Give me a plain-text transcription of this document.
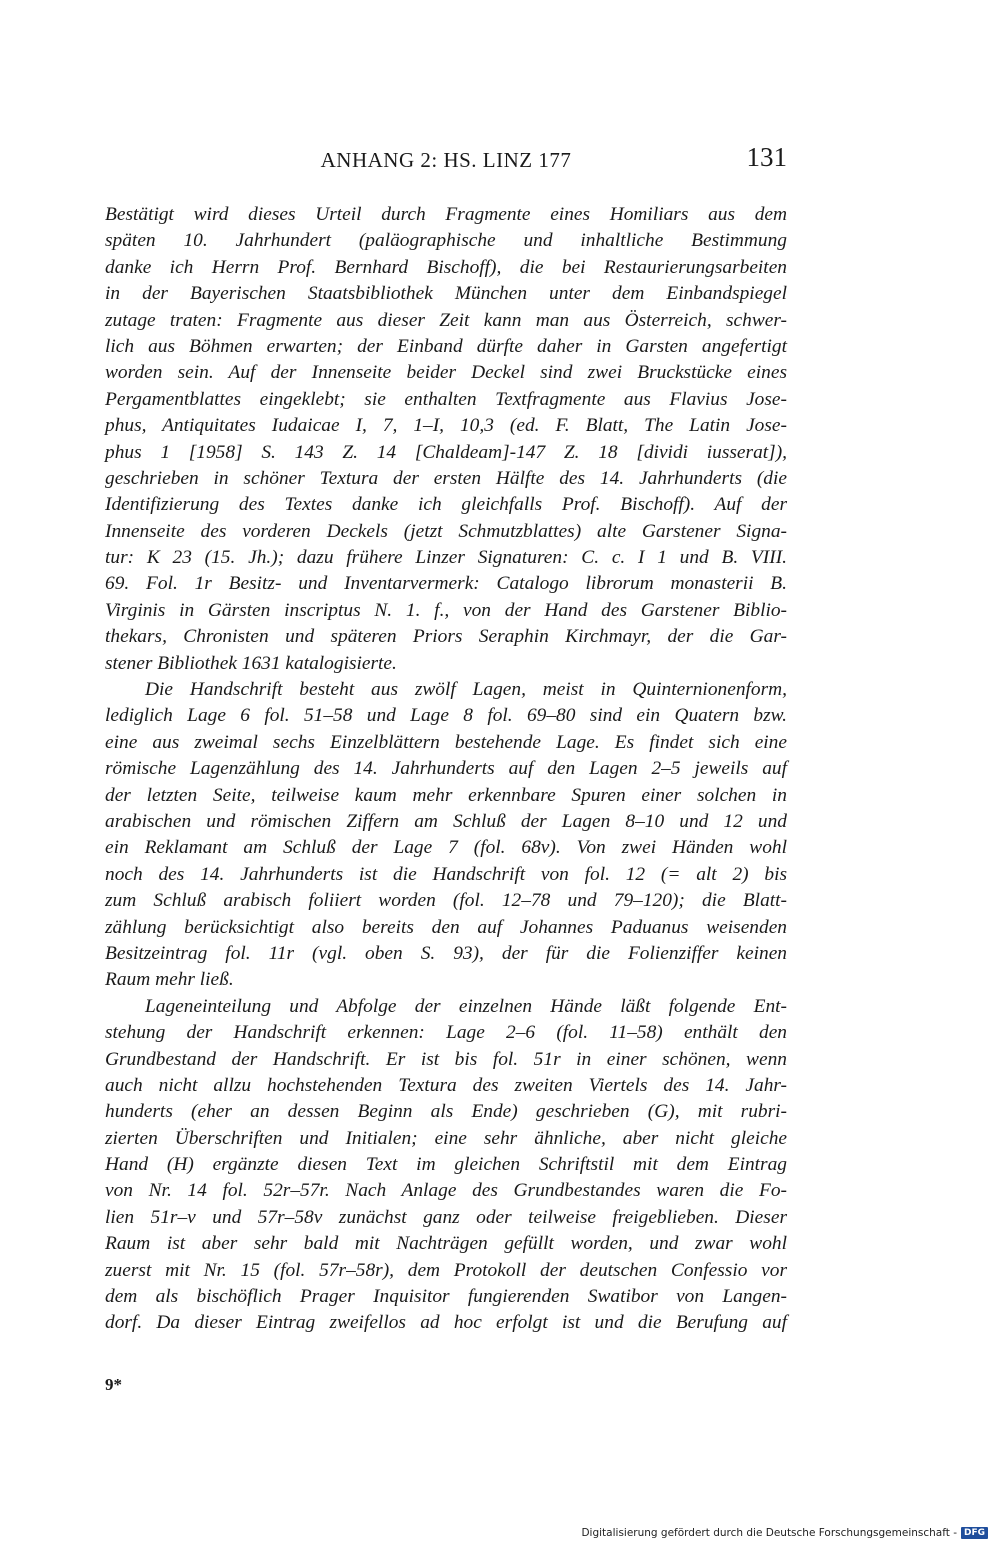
ANHANG 2: HS. LINZ 177	131
Bestätigt wird dieses Urteil durch Fragmente eines Homiliars aus dem
späten 10. Jahrhundert (paläographische und inhaltliche Bestimmung
danke ich Herrn Prof. Bernhard Bischoff), die bei Restaurierungsarbeiten
in der Bayerischen Staatsbibliothek München unter dem Einbandspiegel
zutage traten: Fragmente aus dieser Zeit kann man aus Österreich, schwer-
lich aus Böhmen erwarten; der Einband dürfte daher in Garsten angefertigt
worden sein. Auf der Innenseite beider Deckel sind zwei Bruckstücke eines
Pergamentblattes eingeklebt; sie enthalten Textfragmente aus Flavius Jose-
phus, Antiquitates Iudaicae I, 7, 1–I, 10,3 (ed. F. Blatt, The Latin Jose-
phus 1 [1958] S. 143 Z. 14 [Chaldeam]-147 Z. 18 [dividi iusserat]),
geschrieben in schöner Textura der ersten Hälfte des 14. Jahrhunderts (die
Identifizierung des Textes danke ich gleichfalls Prof. Bischoff). Auf der
Innenseite des vorderen Deckels (jetzt Schmutzblattes) alte Garstener Signa-
tur: K 23 (15. Jh.); dazu frühere Linzer Signaturen: C. c. I 1 und B. VIII.
69. Fol. 1r Besitz- und Inventarvermerk: Catalogo librorum monasterii B.
Virginis in Gärsten inscriptus N. 1. f., von der Hand des Garstener Biblio-
thekars, Chronisten und späteren Priors Seraphin Kirchmayr, der die Gar-
stener Bibliothek 1631 katalogisierte.
Die Handschrift besteht aus zwölf Lagen, meist in Quinternionenform,
lediglich Lage 6 fol. 51–58 und Lage 8 fol. 69–80 sind ein Quatern bzw.
eine aus zweimal sechs Einzelblättern bestehende Lage. Es findet sich eine
römische Lagenzählung des 14. Jahrhunderts auf den Lagen 2–5 jeweils auf
der letzten Seite, teilweise kaum mehr erkennbare Spuren einer solchen in
arabischen und römischen Ziffern am Schluß der Lagen 8–10 und 12 und
ein Reklamant am Schluß der Lage 7 (fol. 68v). Von zwei Händen wohl
noch des 14. Jahrhunderts ist die Handschrift von fol. 12 (= alt 2) bis
zum Schluß arabisch foliiert worden (fol. 12–78 und 79–120); die Blatt-
zählung berücksichtigt also bereits den auf Johannes Paduanus weisenden
Besitzeintrag fol. 11r (vgl. oben S. 93), der für die Folienziffer keinen
Raum mehr ließ.
Lageneinteilung und Abfolge der einzelnen Hände läßt folgende Ent-
stehung der Handschrift erkennen: Lage 2–6 (fol. 11–58) enthält den
Grundbestand der Handschrift. Er ist bis fol. 51r in einer schönen, wenn
auch nicht allzu hochstehenden Textura des zweiten Viertels des 14. Jahr-
hunderts (eher an dessen Beginn als Ende) geschrieben (G), mit rubri-
zierten Überschriften und Initialen; eine sehr ähnliche, aber nicht gleiche
Hand (H) ergänzte diesen Text im gleichen Schriftstil mit dem Eintrag
von Nr. 14 fol. 52r–57r. Nach Anlage des Grundbestandes waren die Fo-
lien 51r–v und 57r–58v zunächst ganz oder teilweise freigeblieben. Dieser
Raum ist aber sehr bald mit Nachträgen gefüllt worden, und zwar wohl
zuerst mit Nr. 15 (fol. 57r–58r), dem Protokoll der deutschen Confessio vor
dem als bischöflich Prager Inquisitor fungierenden Swatibor von Langen-
dorf. Da dieser Eintrag zweifellos ad hoc erfolgt ist und die Berufung auf
9*
Digitalisierung gefördert durch die Deutsche Forschungsgemeinschaft - DFG
